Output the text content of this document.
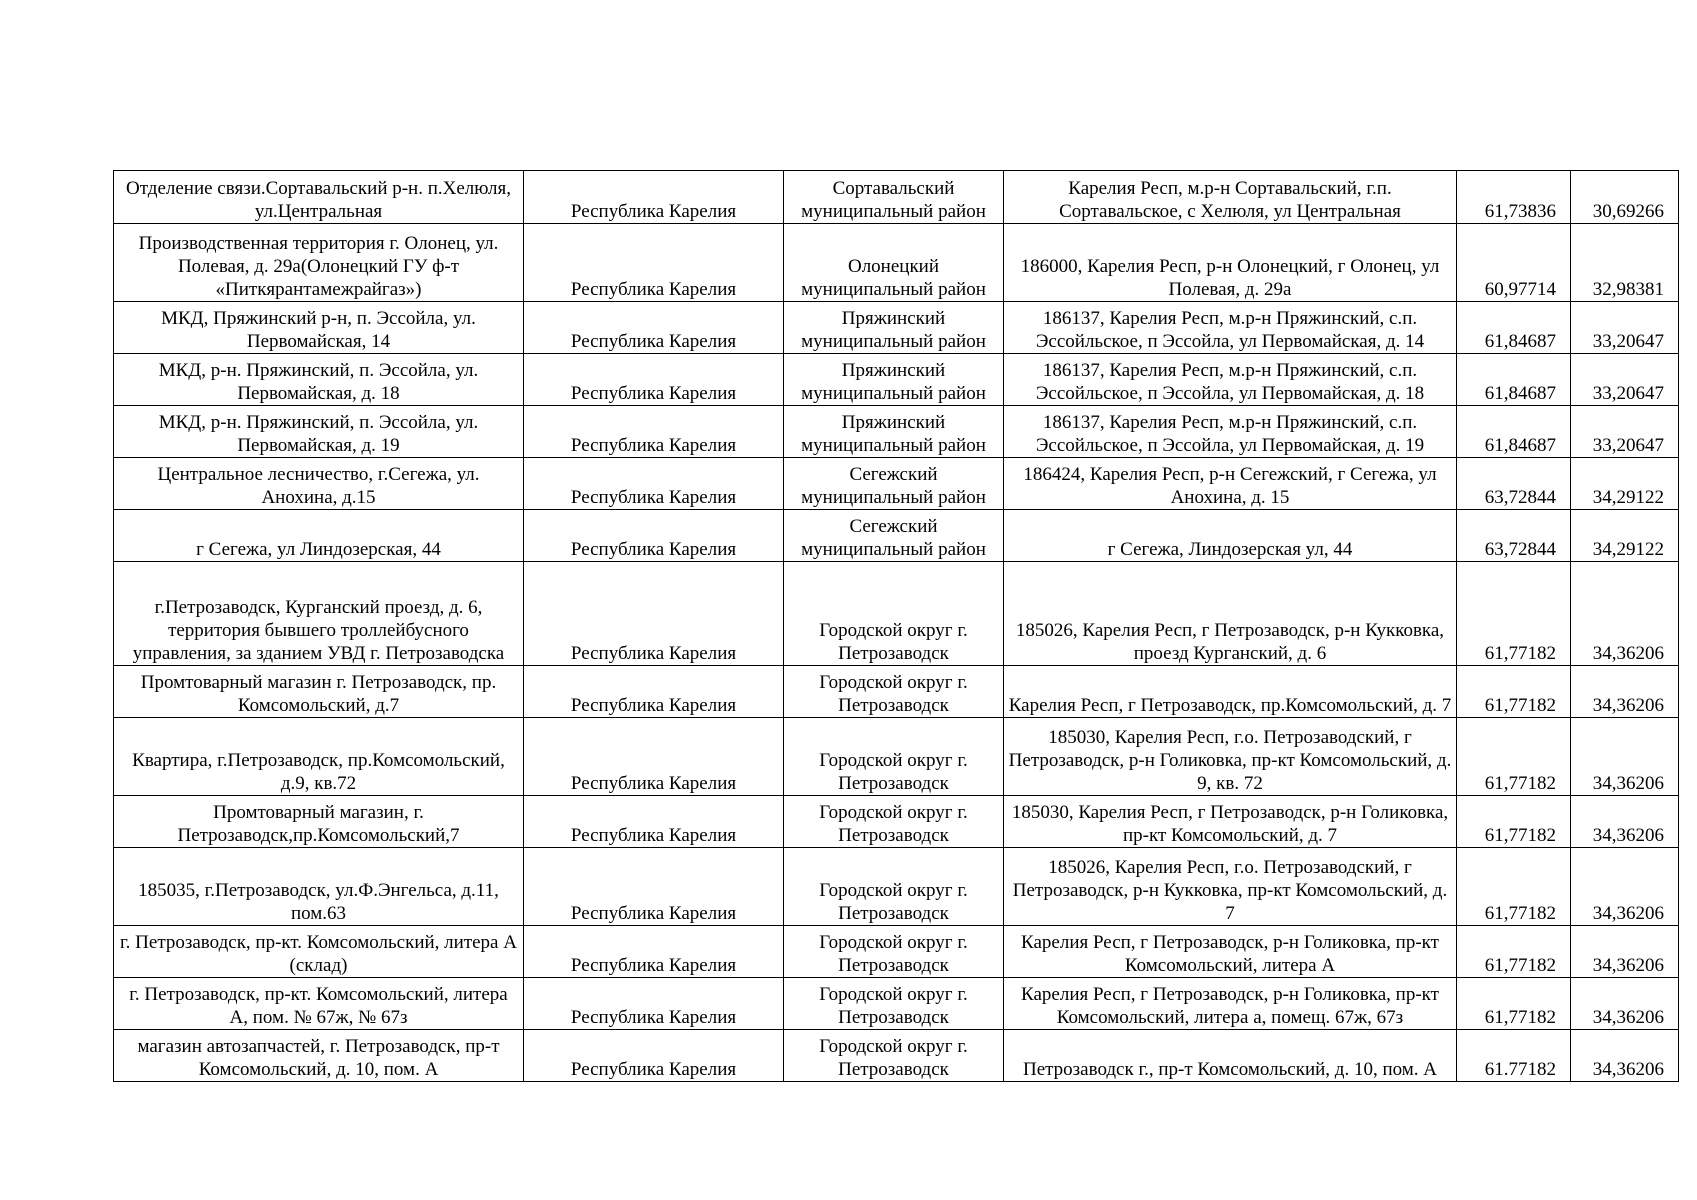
Отделение связи.Сортавальский р-н. п.Хелюля, ул.Центральная	Республика Карелия	Сортавальский муниципальный район	Карелия Респ, м.р-н Сортавальский, г.п. Сортавальское, с Хелюля, ул Центральная	61,73836	30,69266
Производственная территория г. Олонец, ул. Полевая, д. 29а(Олонецкий ГУ ф-т «Питкярантамежрайгаз»)	Республика Карелия	Олонецкий муниципальный район	186000, Карелия Респ, р-н Олонецкий, г Олонец, ул Полевая, д. 29а	60,97714	32,98381
МКД, Пряжинский р-н, п. Эссойла, ул. Первомайская, 14	Республика Карелия	Пряжинский муниципальный район	186137, Карелия Респ, м.р-н Пряжинский, с.п. Эссойльское, п Эссойла, ул Первомайская, д. 14	61,84687	33,20647
МКД, р-н. Пряжинский, п. Эссойла, ул. Первомайская, д. 18	Республика Карелия	Пряжинский муниципальный район	186137, Карелия Респ, м.р-н Пряжинский, с.п. Эссойльское, п Эссойла, ул Первомайская, д. 18	61,84687	33,20647
МКД, р-н. Пряжинский, п. Эссойла, ул. Первомайская, д. 19	Республика Карелия	Пряжинский муниципальный район	186137, Карелия Респ, м.р-н Пряжинский, с.п. Эссойльское, п Эссойла, ул Первомайская, д. 19	61,84687	33,20647
Центральное лесничество, г.Сегежа, ул. Анохина, д.15	Республика Карелия	Сегежский муниципальный район	186424, Карелия Респ, р-н Сегежский, г Сегежа, ул Анохина, д. 15	63,72844	34,29122
г Сегежа, ул Линдозерская, 44	Республика Карелия	Сегежский муниципальный район	г Сегежа, Линдозерская ул, 44	63,72844	34,29122
г.Петрозаводск, Курганский проезд, д. 6, территория бывшего троллейбусного управления, за зданием УВД г. Петрозаводска	Республика Карелия	Городской округ г. Петрозаводск	185026, Карелия Респ, г Петрозаводск, р-н Кукковка, проезд Курганский, д. 6	61,77182	34,36206
Промтоварный магазин г. Петрозаводск, пр. Комсомольский, д.7	Республика Карелия	Городской округ г. Петрозаводск	Карелия Респ, г Петрозаводск, пр.Комсомольский, д. 7	61,77182	34,36206
Квартира, г.Петрозаводск, пр.Комсомольский, д.9, кв.72	Республика Карелия	Городской округ г. Петрозаводск	185030, Карелия Респ, г.о. Петрозаводский, г Петрозаводск, р-н Голиковка, пр-кт Комсомольский, д. 9, кв. 72	61,77182	34,36206
Промтоварный магазин, г. Петрозаводск,пр.Комсомольский,7	Республика Карелия	Городской округ г. Петрозаводск	185030, Карелия Респ, г Петрозаводск, р-н Голиковка, пр-кт Комсомольский, д. 7	61,77182	34,36206
185035, г.Петрозаводск, ул.Ф.Энгельса, д.11, пом.63	Республика Карелия	Городской округ г. Петрозаводск	185026, Карелия Респ, г.о. Петрозаводский, г Петрозаводск, р-н Кукковка, пр-кт Комсомольский, д. 7	61,77182	34,36206
г. Петрозаводск, пр-кт. Комсомольский, литера А (склад)	Республика Карелия	Городской округ г. Петрозаводск	Карелия Респ, г Петрозаводск, р-н Голиковка, пр-кт Комсомольский, литера А	61,77182	34,36206
г. Петрозаводск, пр-кт. Комсомольский, литера А, пом. № 67ж, № 67з	Республика Карелия	Городской округ г. Петрозаводск	Карелия Респ, г Петрозаводск, р-н Голиковка, пр-кт Комсомольский, литера а, помещ. 67ж, 67з	61,77182	34,36206
магазин автозапчастей, г. Петрозаводск, пр-т Комсомольский, д. 10, пом. А	Республика Карелия	Городской округ г. Петрозаводск	Петрозаводск г., пр-т Комсомольский, д. 10, пом. А	61.77182	34,36206
